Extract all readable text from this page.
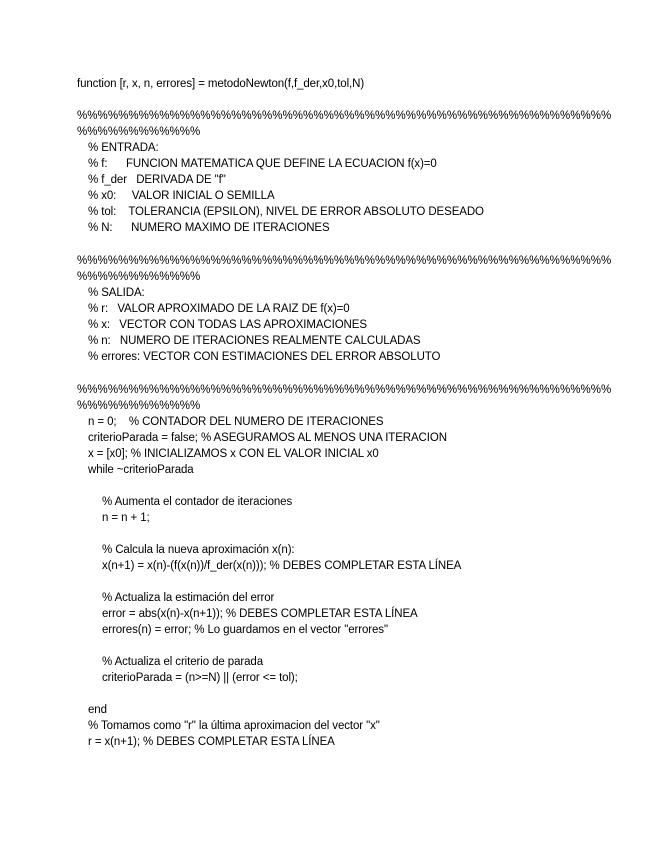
function [r, x, n, errores] = metodoNewton(f,f_der,x0,tol,N)
%%%%%%%%%%%%%%%%%%%%%%%%%%%%%%%%%%%%%%%%%%%%%%%%%%%%
%%%%%%%%%%%%
% ENTRADA:
% f:      FUNCION MATEMATICA QUE DEFINE LA ECUACION f(x)=0
% f_der   DERIVADA DE "f"
% x0:     VALOR INICIAL O SEMILLA
% tol:    TOLERANCIA (EPSILON), NIVEL DE ERROR ABSOLUTO DESEADO
% N:      NUMERO MAXIMO DE ITERACIONES
%%%%%%%%%%%%%%%%%%%%%%%%%%%%%%%%%%%%%%%%%%%%%%%%%%%%
%%%%%%%%%%%%
% SALIDA:
% r:   VALOR APROXIMADO DE LA RAIZ DE f(x)=0
% x:   VECTOR CON TODAS LAS APROXIMACIONES
% n:   NUMERO DE ITERACIONES REALMENTE CALCULADAS
% errores: VECTOR CON ESTIMACIONES DEL ERROR ABSOLUTO
%%%%%%%%%%%%%%%%%%%%%%%%%%%%%%%%%%%%%%%%%%%%%%%%%%%%
%%%%%%%%%%%%
n = 0;    % CONTADOR DEL NUMERO DE ITERACIONES
criterioParada = false; % ASEGURAMOS AL MENOS UNA ITERACION
x = [x0]; % INICIALIZAMOS x CON EL VALOR INICIAL x0
while ~criterioParada
% Aumenta el contador de iteraciones
n = n + 1;
% Calcula la nueva aproximación x(n):
x(n+1) = x(n)-(f(x(n))/f_der(x(n))); % DEBES COMPLETAR ESTA LÍNEA
% Actualiza la estimación del error
error = abs(x(n)-x(n+1)); % DEBES COMPLETAR ESTA LÍNEA
errores(n) = error; % Lo guardamos en el vector "errores"
% Actualiza el criterio de parada
criterioParada = (n>=N) || (error <= tol);
end
% Tomamos como "r" la última aproximacion del vector "x"
r = x(n+1); % DEBES COMPLETAR ESTA LÍNEA
